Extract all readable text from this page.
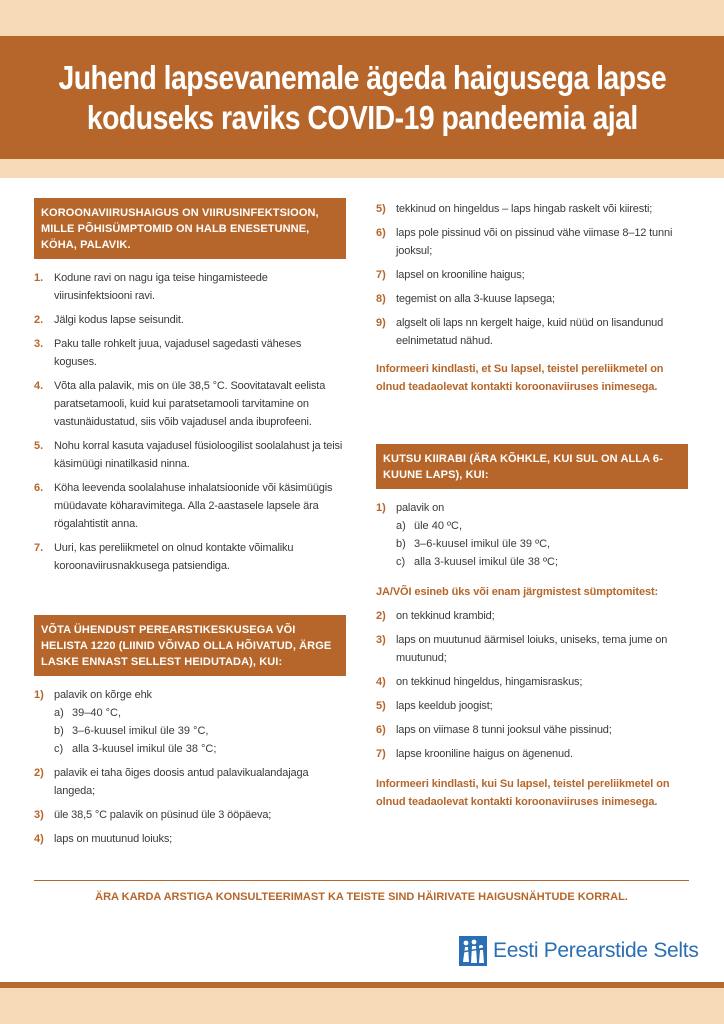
Juhend lapsevanemale ägeda haigusega lapse
koduseks raviks COVID-19 pandeemia ajal
KOROONAVIIRUSHAIGUS ON VIIRUSINFEKTSIOON, MILLE PÕHISÜMPTOMID ON HALB ENESETUNNE, KÖHA, PALAVIK.
1. Kodune ravi on nagu iga teise hingamisteede viirusinfektsiooni ravi.
2. Jälgi kodus lapse seisundit.
3. Paku talle rohkelt juua, vajadusel sagedasti väheses koguses.
4. Võta alla palavik, mis on üle 38,5 °C. Soovitatavalt eelista paratsetamooli, kuid kui paratsetamooli tarvitamine on vastunäidustatud, siis võib vajadusel anda ibuprofeeni.
5. Nohu korral kasuta vajadusel füsioloogilist soolalahust ja teisi käsimüügi ninatilkasid ninna.
6. Köha leevenda soolalahuse inhalatsioonide või käsimüügis müüdavate köharavimitega. Alla 2-aastasele lapsele ära rögalahtistit anna.
7. Uuri, kas pereliikmetel on olnud kontakte võimaliku koroonaviirusnakkusega patsiendiga.
VÕTA ÜHENDUST PEREARSTIKESKUSEGA VÕI HELISTA 1220 (LIINID VÕIVAD OLLA HÕIVATUD, ÄRGE LASKE ENNAST SELLEST HEIDUTADA), KUI:
1) palavik on kõrge ehk
a) 39–40 °C,
b) 3–6-kuusel imikul üle 39 °C,
c) alla 3-kuusel imikul üle 38 °C;
2) palavik ei taha õiges doosis antud palavikualandajaga langeda;
3) üle 38,5 °C palavik on püsinud üle 3 ööpäeva;
4) laps on muutunud loiuks;
5) tekkinud on hingeldus – laps hingab raskelt või kiiresti;
6) laps pole pissinud või on pissinud vähe viimase 8–12 tunni jooksul;
7) lapsel on krooniline haigus;
8) tegemist on alla 3-kuuse lapsega;
9) algselt oli laps nn kergelt haige, kuid nüüd on lisandunud eelnimetatud nähud.

Informeeri kindlasti, et Su lapsel, teistel pereliikmetel on olnud teadaolevat kontakti koroonaviiruses inimesega.

KUTSU KIIRABI (ÄRA KÕHKLE, KUI SUL ON ALLA 6-KUUNE LAPS), KUI:
1) palavik on
a) üle 40 ºC,
b) 3–6-kuusel imikul üle 39 ºC,
c) alla 3-kuusel imikul üle 38 ºC;

JA/VÕI esineb üks või enam järgmistest sümptomitest:

2) on tekkinud krambid;
3) laps on muutunud äärmisel loiuks, uniseks, tema jume on muutunud;
4) on tekkinud hingeldus, hingamisraskus;
5) laps keeldub joogist;
6) laps on viimase 8 tunni jooksul vähe pissinud;
7) lapse krooniline haigus on ägenenud.

Informeeri kindlasti, kui Su lapsel, teistel pereliikmetel on olnud teadaolevat kontakti koroonaviiruses inimesega.

ÄRA KARDA ARSTIGA KONSULTEERIMAST KA TEISTE SIND HÄIRIVATE HAIGUSNÄHTUDE KORRAL.
Eesti Perearstide Selts
